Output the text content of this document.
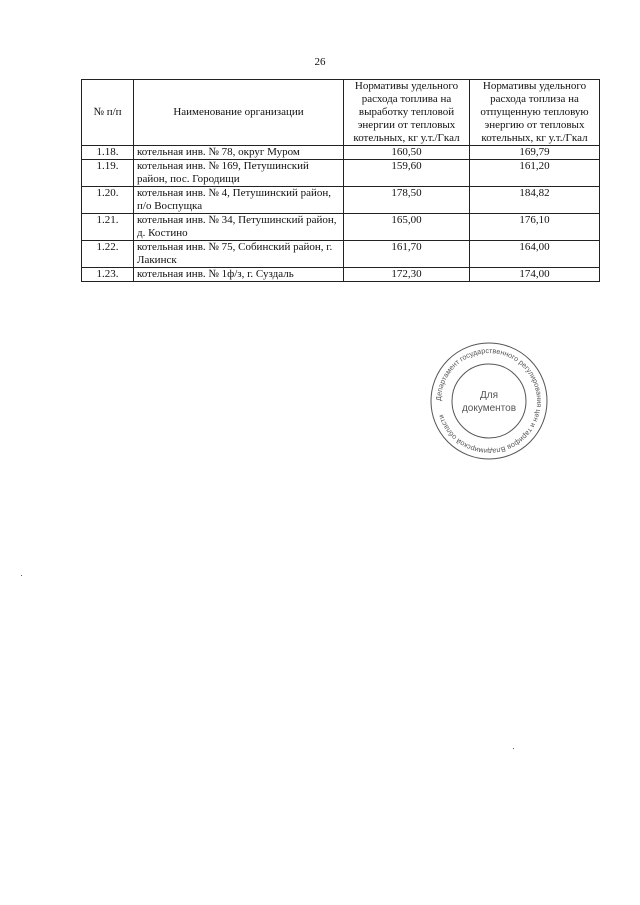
26
№ п/п	Наименование организации	Нормативы удельного расхода топлива на выработку тепловой энергии от тепловых котельных, кг у.т./Гкал	Нормативы удельного расхода топлиза на отпущенную тепловую энергию от тепловых котельных, кг у.т./Гкал
1.18.	котельная инв. № 78, округ Муром	160,50	169,79
1.19.	котельная инв. № 169, Петушинский район, пос. Городищи	159,60	161,20
1.20.	котельная инв. № 4, Петушинский район, п/о Воспущка	178,50	184,82
1.21.	котельная инв. № 34, Петушинский район, д. Костино	165,00	176,10
1.22.	котельная инв. № 75, Собинский район, г. Лакинск	161,70	164,00
1.23.	котельная инв. № 1ф/з, г. Суздаль	172,30	174,00
Департамент государственного регулирования цен и тарифов Владимирской области
Для
документов
